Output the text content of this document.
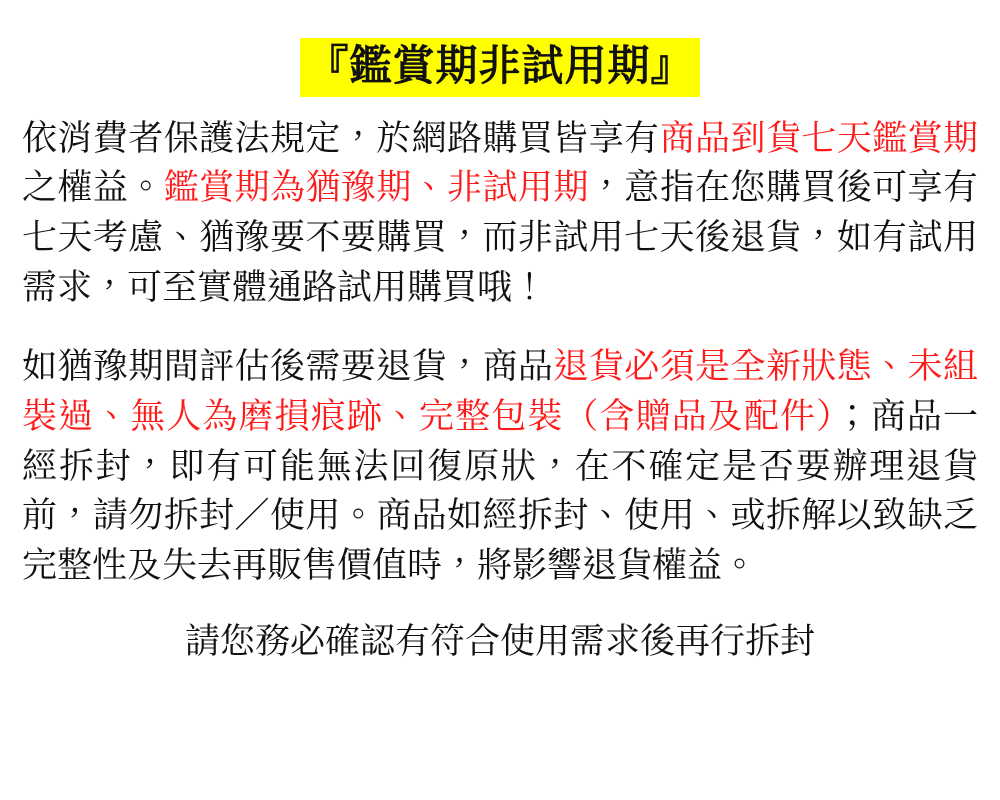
『鑑賞期非試用期』

依消費者保護法規定，於網路購買皆享有商品到貨七天鑑賞期之權益。鑑賞期為猶豫期、非試用期，意指在您購買後可享有七天考慮、猶豫要不要購買，而非試用七天後退貨，如有試用需求，可至實體通路試用購買哦！

如猶豫期間評估後需要退貨，商品退貨必須是全新狀態、未組裝過、無人為磨損痕跡、完整包裝（含贈品及配件）；商品一經拆封，即有可能無法回復原狀，在不確定是否要辦理退貨前，請勿拆封／使用。商品如經拆封、使用、或拆解以致缺乏完整性及失去再販售價值時，將影響退貨權益。

請您務必確認有符合使用需求後再行拆封
